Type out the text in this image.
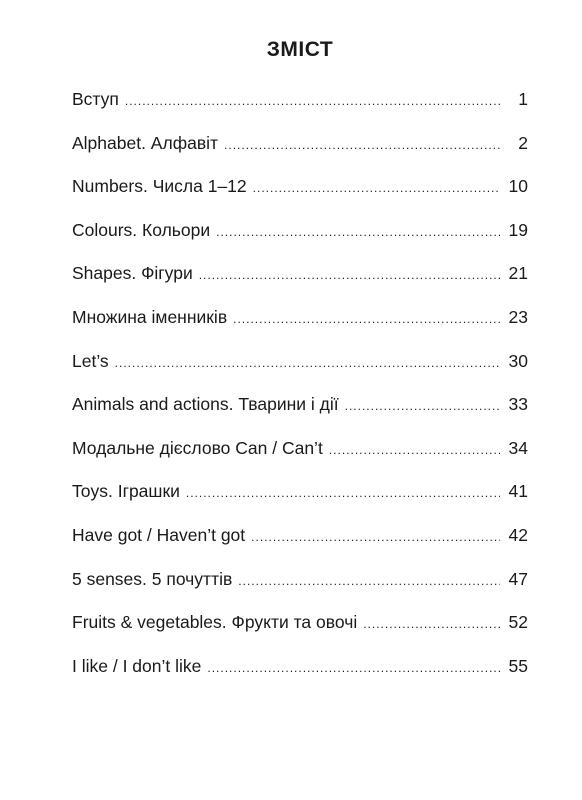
ЗМІСТ
Вступ .....	1
Alphabet. Алфавіт .....	2
Numbers. Числа 1–12 .....	10
Colours. Кольори .....	19
Shapes. Фігури .....	21
Множина іменників .....	23
Let’s .....	30
Animals and actions. Тварини і дії .....	33
Модальне дієслово Can / Can’t .....	34
Toys. Іграшки .....	41
Have got / Haven’t got .....	42
5 senses. 5 почуттів .....	47
Fruits & vegetables. Фрукти та овочі .....	52
I like / I don’t like .....	55
